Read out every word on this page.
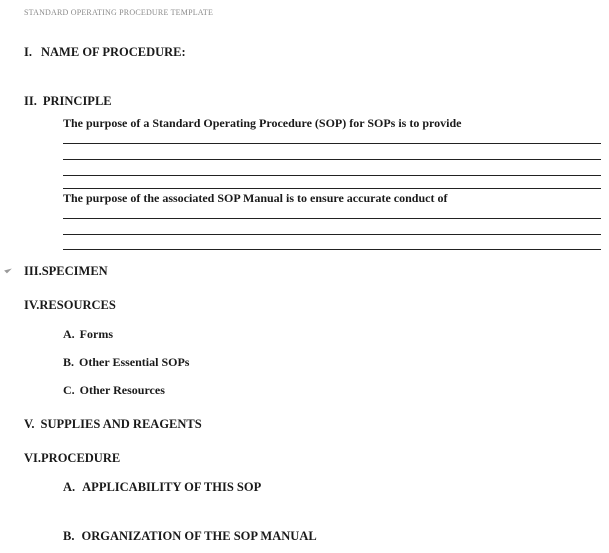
STANDARD OPERATING PROCEDURE TEMPLATE
I. NAME OF PROCEDURE:
II. PRINCIPLE
The purpose of a Standard Operating Procedure (SOP) for SOPs is to provide
The purpose of the associated SOP Manual is to ensure accurate conduct of
III.SPECIMEN
IV.RESOURCES
A. Forms
B. Other Essential SOPs
C. Other Resources
V. SUPPLIES AND REAGENTS
VI.PROCEDURE
A. APPLICABILITY OF THIS SOP
B. ORGANIZATION OF THE SOP MANUAL
